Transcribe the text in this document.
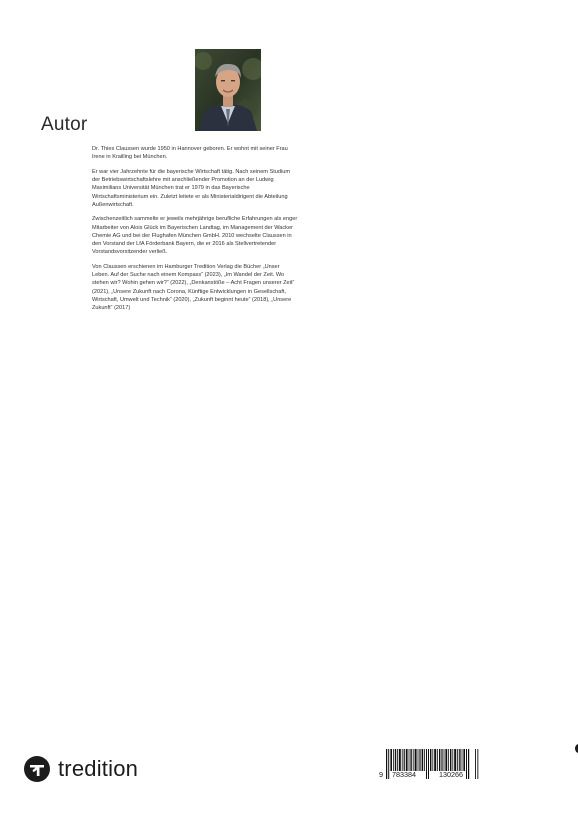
Autor

Dr. Thies Claussen wurde 1950 in Hannover geboren. Er wohnt mit seiner Frau Irene in Krailling bei München.

Er war vier Jahrzehnte für die bayerische Wirtschaft tätig. Nach seinem Studium der Betriebswirtschaftslehre mit anschließender Promotion an der Ludwig Maximilians Universität München trat er 1979 in das Bayerische Wirtschaftsministerium ein. Zuletzt leitete er als Ministerialdirigent die Abteilung Außenwirtschaft.

Zwischenzeitlich sammelte er jeweils mehrjährige berufliche Erfahrungen als enger Mitarbeiter von Alois Glück im Bayerischen Landtag, im Management der Wacker Chemie AG und bei der Flughafen München GmbH. 2010 wechselte Claussen in den Vorstand der LfA Förderbank Bayern, die er 2016 als Stellvertretender Vorstandsvorsitzender verließ.

Von Claussen erschienen im Hamburger Tredition Verlag die Bücher „Unser Leben. Auf der Suche nach einem Kompass“ (2023), „Im Wandel der Zeit. Wo stehen wir? Wohin gehen wir?“ (2022), „Denkanstöße – Acht Fragen unserer Zeit“ (2021), „Unsere Zukunft nach Corona, Künftige Entwicklungen in Gesellschaft, Wirtschaft, Umwelt und Technik“ (2020), „Zukunft beginnt heute“ (2018), „Unsere Zukunft“ (2017)

tredition	9 783384	130266
